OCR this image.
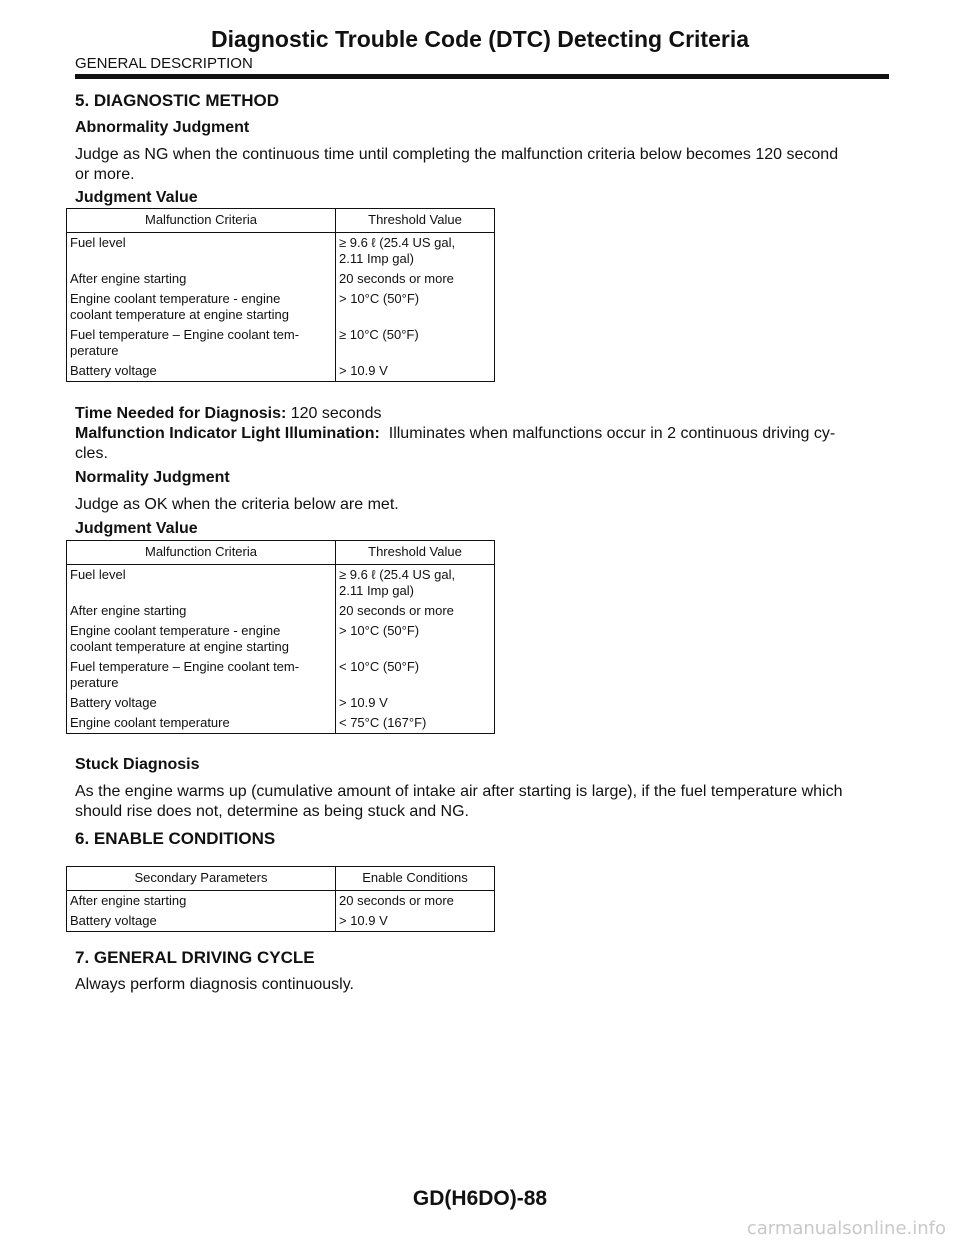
Diagnostic Trouble Code (DTC) Detecting Criteria
GENERAL DESCRIPTION
5. DIAGNOSTIC METHOD
Abnormality Judgment
Judge as NG when the continuous time until completing the malfunction criteria below becomes 120 second
or more.
Judgment Value
Malfunction Criteria	Threshold Value

Fuel level	≥ 9.6 ℓ (25.4 US gal,
2.11 Imp gal)

After engine starting	20 seconds or more

Engine coolant temperature - engine
coolant temperature at engine starting	> 10°C (50°F)

Fuel temperature – Engine coolant tem-
perature	≥ 10°C (50°F)

Battery voltage	> 10.9 V
Time Needed for Diagnosis: 120 seconds
Malfunction Indicator Light Illumination:  Illuminates when malfunctions occur in 2 continuous driving cy-
cles.
Normality Judgment
Judge as OK when the criteria below are met.
Judgment Value
Malfunction Criteria	Threshold Value

Fuel level	≥ 9.6 ℓ (25.4 US gal,
2.11 Imp gal)

After engine starting	20 seconds or more

Engine coolant temperature - engine
coolant temperature at engine starting	> 10°C (50°F)

Fuel temperature – Engine coolant tem-
perature	< 10°C (50°F)

Battery voltage	> 10.9 V

Engine coolant temperature	< 75°C (167°F)
Stuck Diagnosis
As the engine warms up (cumulative amount of intake air after starting is large), if the fuel temperature which
should rise does not, determine as being stuck and NG.
6. ENABLE CONDITIONS
Secondary Parameters	Enable Conditions

After engine starting	20 seconds or more

Battery voltage	> 10.9 V
7. GENERAL DRIVING CYCLE
Always perform diagnosis continuously.
GD(H6DO)-88
carmanualsonline.info
